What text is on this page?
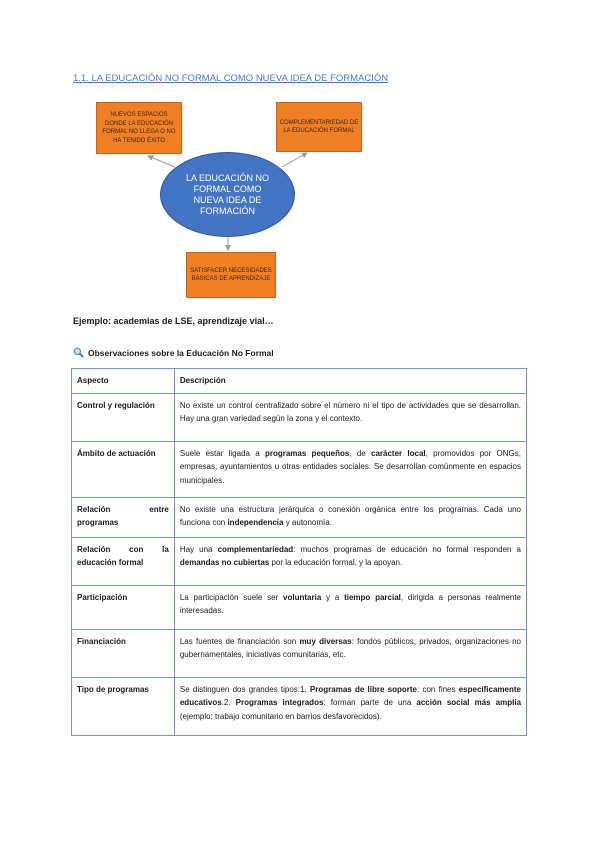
1.1. LA EDUCACIÓN NO FORMAL COMO NUEVA IDEA DE FORMACIÓN
NUEVOS ESPACIOS DONDE LA EDUCACIÓN FORMAL NO LLEGA O NO HA TENIDO ÉXITO
COMPLEMENTARIEDAD DE LA EDUCACIÓN FORMAL
LA EDUCACIÓN NO FORMAL COMO NUEVA IDEA DE FORMACIÓN
SATISFACER NECESIDADES BÁSICAS DE APRENDIZAJE
Ejemplo: academias de LSE, aprendizaje vial…
Observaciones sobre la Educación No Formal
Aspecto	Descripción
Control y regulación	No existe un control centralizado sobre el número ni el tipo de actividades que se desarrollan. Hay una gran variedad según la zona y el contexto.
Ámbito de actuación	Suele estar ligada a programas pequeños, de carácter local, promovidos por ONGs, empresas, ayuntamientos u otras entidades sociales. Se desarrollan comúnmente en espacios municipales.
Relación entre programas	No existe una estructura jerárquica o conexión orgánica entre los programas. Cada uno funciona con independencia y autonomía.
Relación con la educación formal	Hay una complementariedad: muchos programas de educación no formal responden a demandas no cubiertas por la educación formal, y la apoyan.
Participación	La participación suele ser voluntaria y a tiempo parcial, dirigida a personas realmente interesadas.
Financiación	Las fuentes de financiación son muy diversas: fondos públicos, privados, organizaciones no gubernamentales, iniciativas comunitarias, etc.
Tipo de programas	Se distinguen dos grandes tipos:1. Programas de libre soporte: con fines específicamente educativos.2. Programas integrados: forman parte de una acción social más amplia (ejemplo: trabajo comunitario en barrios desfavorecidos).
